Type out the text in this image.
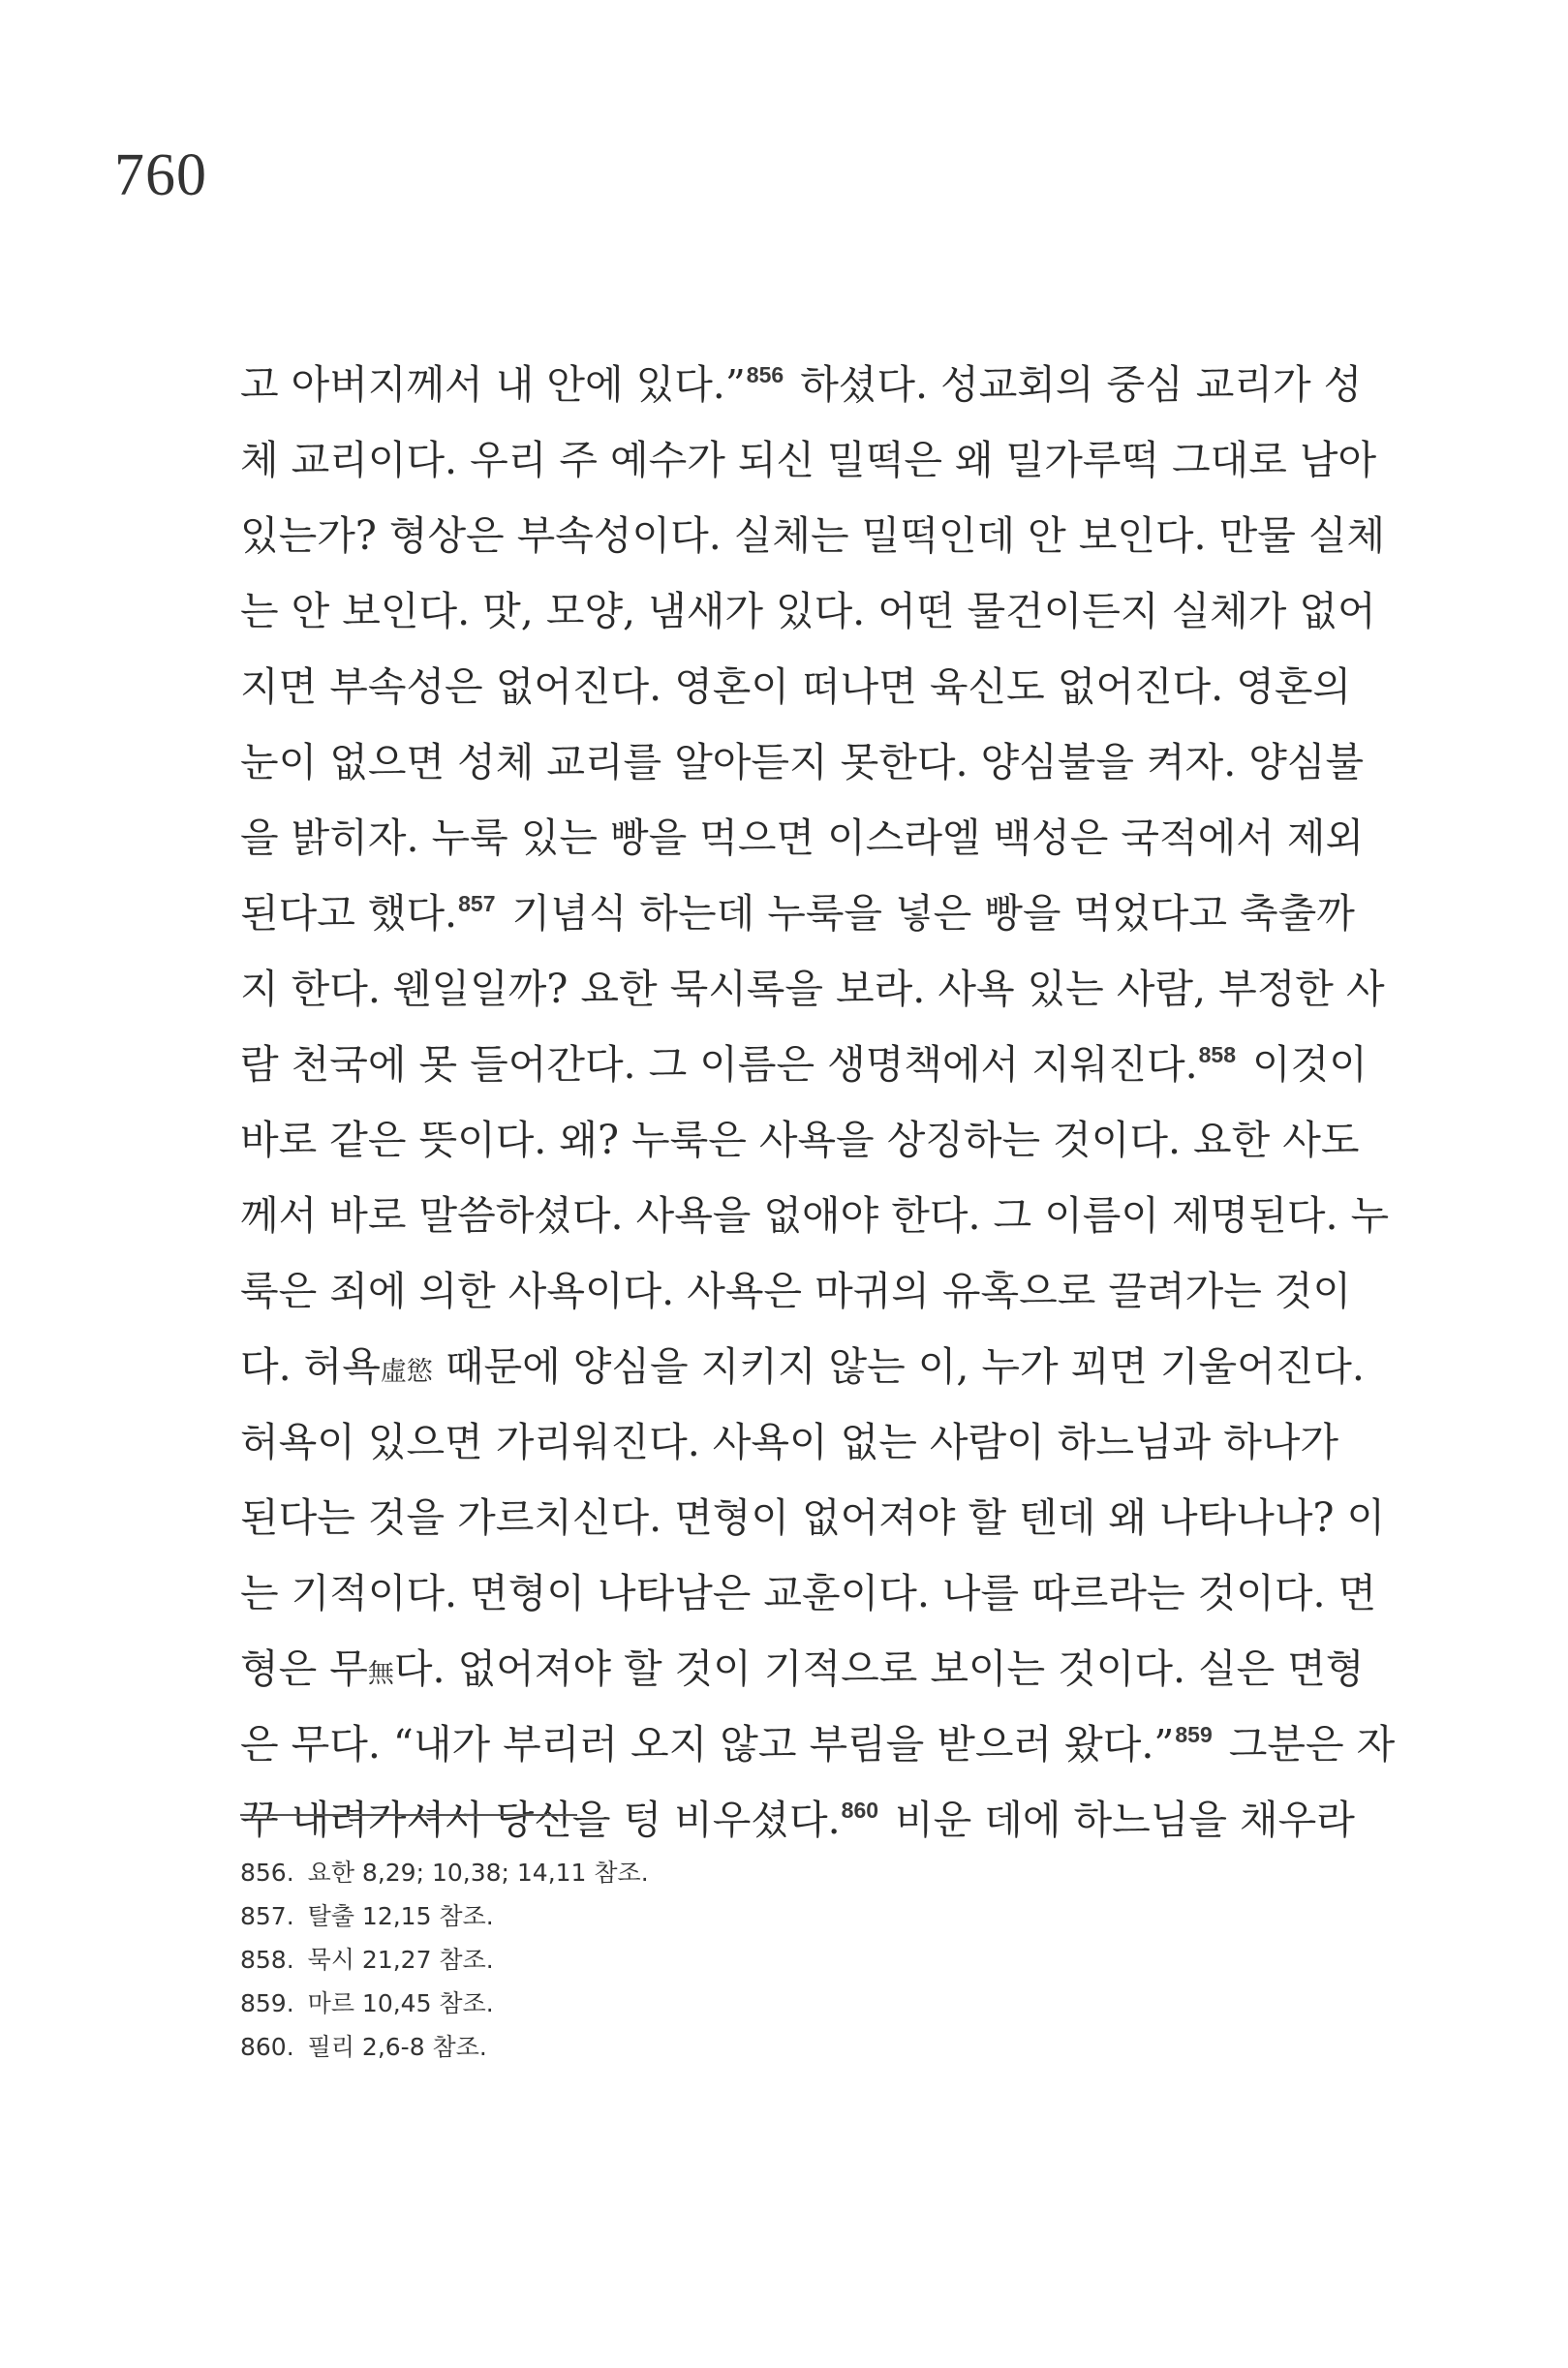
760
고 아버지께서 내 안에 있다.”$^{856}$ 하셨다. 성교회의 중심 교리가 성
체 교리이다. 우리 주 예수가 되신 밀떡은 왜 밀가루떡 그대로 남아
있는가? 형상은 부속성이다. 실체는 밀떡인데 안 보인다. 만물 실체
는 안 보인다. 맛, 모양, 냄새가 있다. 어떤 물건이든지 실체가 없어
지면 부속성은 없어진다. 영혼이 떠나면 육신도 없어진다. 영혼의
눈이 없으면 성체 교리를 알아듣지 못한다. 양심불을 켜자. 양심불
을 밝히자. 누룩 있는 빵을 먹으면 이스라엘 백성은 국적에서 제외
된다고 했다.$^{857}$ 기념식 하는데 누룩을 넣은 빵을 먹었다고 축출까
지 한다. 웬일일까? 요한 묵시록을 보라. 사욕 있는 사람, 부정한 사
람 천국에 못 들어간다. 그 이름은 생명책에서 지워진다.$^{858}$ 이것이
바로 같은 뜻이다. 왜? 누룩은 사욕을 상징하는 것이다. 요한 사도
께서 바로 말씀하셨다. 사욕을 없애야 한다. 그 이름이 제명된다. 누
룩은 죄에 의한 사욕이다. 사욕은 마귀의 유혹으로 끌려가는 것이
다. 허욕虛慾 때문에 양심을 지키지 않는 이, 누가 꾀면 기울어진다.
허욕이 있으면 가리워진다. 사욕이 없는 사람이 하느님과 하나가
된다는 것을 가르치신다. 면형이 없어져야 할 텐데 왜 나타나나? 이
는 기적이다. 면형이 나타남은 교훈이다. 나를 따르라는 것이다. 면
형은 무無다. 없어져야 할 것이 기적으로 보이는 것이다. 실은 면형
은 무다. “내가 부리러 오지 않고 부림을 받으러 왔다.”$^{859}$ 그분은 자
꾸 내려가셔서 당신을 텅 비우셨다.$^{860}$ 비운 데에 하느님을 채우라
856. 요한 8,29; 10,38; 14,11 참조.
857. 탈출 12,15 참조.
858. 묵시 21,27 참조.
859. 마르 10,45 참조.
860. 필리 2,6-8 참조.
